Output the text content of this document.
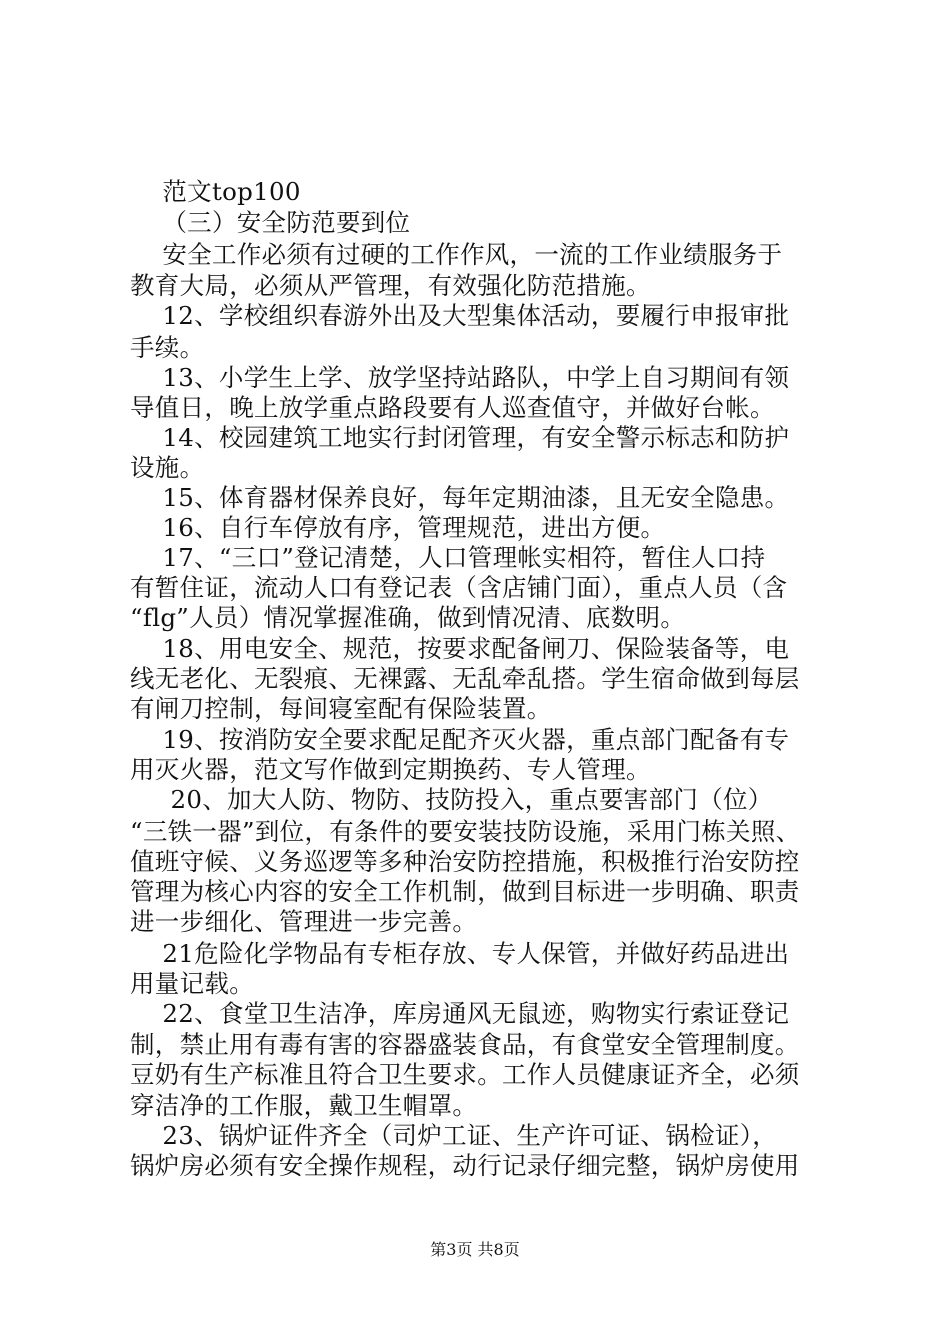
范文top100
（三）安全防范要到位
安全工作必须有过硬的工作作风，一流的工作业绩服务于
教育大局，必须从严管理，有效强化防范措施。
12、学校组织春游外出及大型集体活动，要履行申报审批
手续。
13、小学生上学、放学坚持站路队，中学上自习期间有领
导值日，晚上放学重点路段要有人巡查值守，并做好台帐。
14、校园建筑工地实行封闭管理，有安全警示标志和防护
设施。
15、体育器材保养良好，每年定期油漆，且无安全隐患。
16、自行车停放有序，管理规范，进出方便。
17、“三口”登记清楚，人口管理帐实相符，暂住人口持
有暂住证，流动人口有登记表（含店铺门面），重点人员（含
“flg”人员）情况掌握准确，做到情况清、底数明。
18、用电安全、规范，按要求配备闸刀、保险装备等，电
线无老化、无裂痕、无裸露、无乱牵乱搭。学生宿命做到每层
有闸刀控制，每间寝室配有保险装置。
19、按消防安全要求配足配齐灭火器，重点部门配备有专
用灭火器，范文写作做到定期换药、专人管理。
20、加大人防、物防、技防投入，重点要害部门（位）
“三铁一器”到位，有条件的要安装技防设施，采用门栋关照、
值班守候、义务巡逻等多种治安防控措施，积极推行治安防控
管理为核心内容的安全工作机制，做到目标进一步明确、职责
进一步细化、管理进一步完善。
21危险化学物品有专柜存放、专人保管，并做好药品进出
用量记载。
22、食堂卫生洁净，库房通风无鼠迹，购物实行索证登记
制，禁止用有毒有害的容器盛装食品，有食堂安全管理制度。
豆奶有生产标准且符合卫生要求。工作人员健康证齐全，必须
穿洁净的工作服，戴卫生帽罩。
23、锅炉证件齐全（司炉工证、生产许可证、锅检证），
锅炉房必须有安全操作规程，动行记录仔细完整，锅炉房使用
第3页 共8页
